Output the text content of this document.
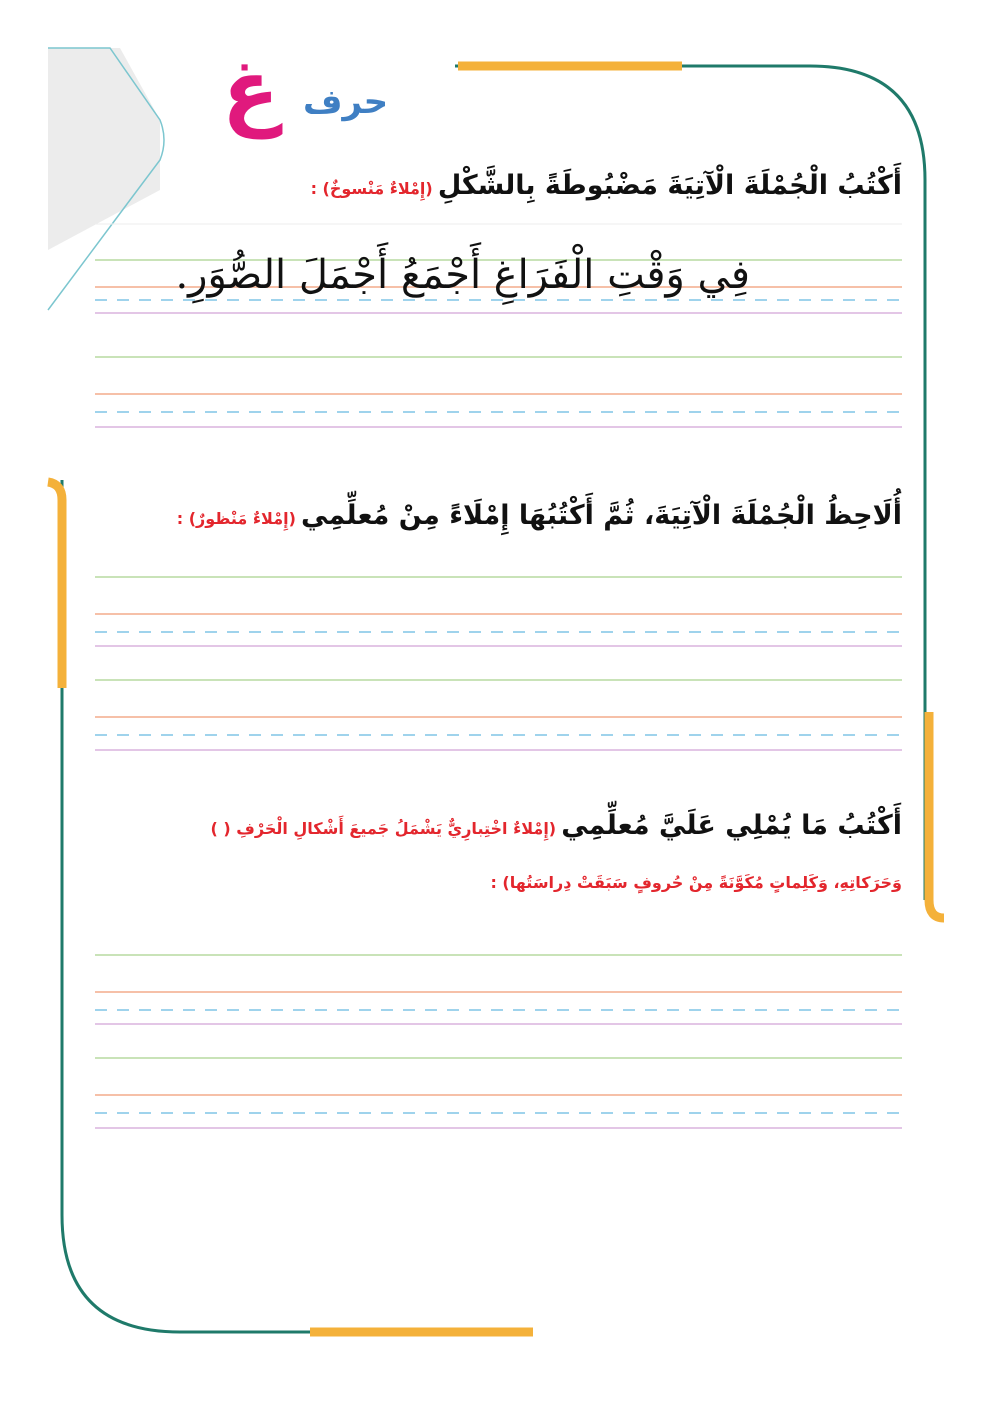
حرف
غ
أَكْتُبُ الْجُمْلَةَ الْآتِيَةَ مَضْبُوطَةً بِالشَّكْلِ (إِمْلاءٌ مَنْسوخٌ) :
فِي وَقْتِ الْفَرَاغِ أَجْمَعُ أَجْمَلَ الصُّوَرِ.
أُلَاحِظُ الْجُمْلَةَ الْآتِيَةَ، ثُمَّ أَكْتُبُهَا إِمْلَاءً مِنْ مُعلِّمِي (إِمْلاءٌ مَنْظورٌ) :
أَكْتُبُ مَا يُمْلِي عَلَيَّ مُعلِّمِي (إِمْلاءٌ اخْتِبارِيٌّ يَشْمَلُ جَميعَ أَشْكالِ الْحَرْفِ ( )
وَحَرَكاتِهِ، وَكَلِماتٍ مُكَوَّنَةً مِنْ حُروفٍ سَبَقَتْ دِراسَتُها) :
